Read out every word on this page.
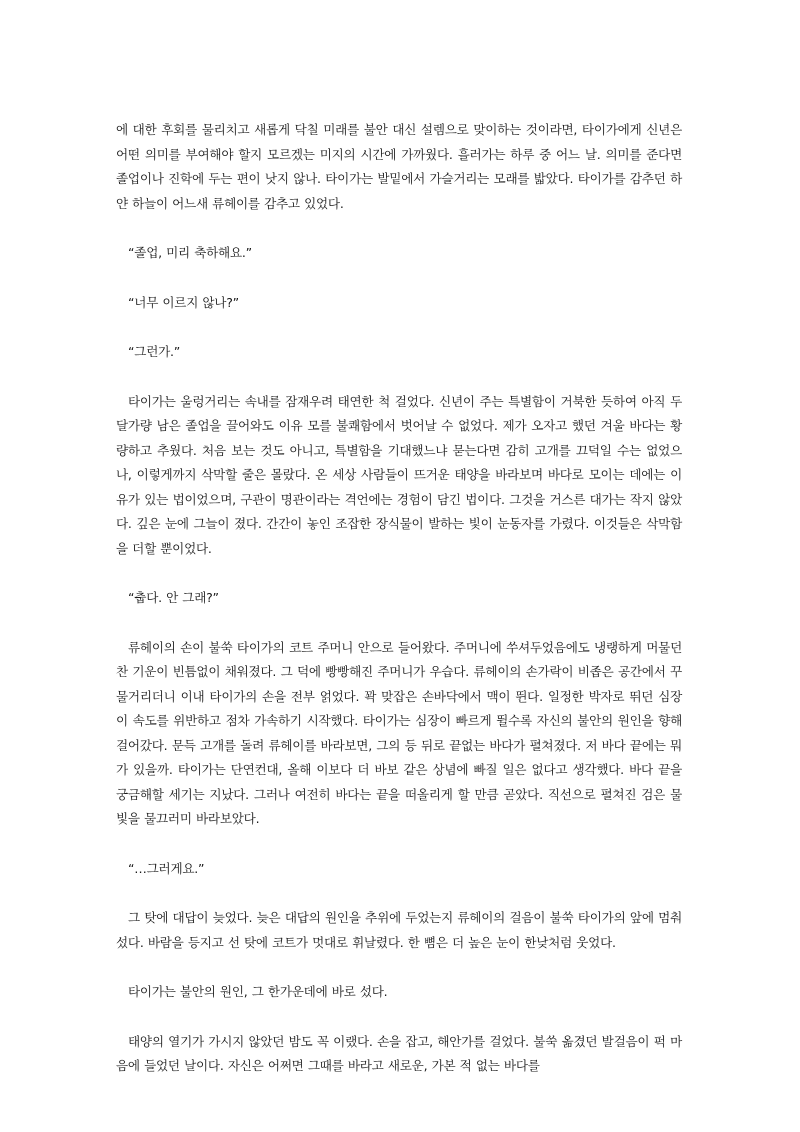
에 대한 후회를 물리치고 새롭게 닥칠 미래를 불안 대신 설렘으로 맞이하는 것이라면, 타이가에게 신년은 어떤 의미를 부여해야 할지 모르겠는 미지의 시간에 가까웠다. 흘러가는 하루 중 어느 날. 의미를 준다면 졸업이나 진학에 두는 편이 낫지 않나. 타이가는 발밑에서 가슬거리는 모래를 밟았다. 타이가를 감추던 하얀 하늘이 어느새 류헤이를 감추고 있었다.

“졸업, 미리 축하해요.”

“너무 이르지 않나?”

“그런가.”

타이가는 울렁거리는 속내를 잠재우려 태연한 척 걸었다. 신년이 주는 특별함이 거북한 듯하여 아직 두 달가량 남은 졸업을 끌어와도 이유 모를 불쾌함에서 벗어날 수 없었다. 제가 오자고 했던 겨울 바다는 황량하고 추웠다. 처음 보는 것도 아니고, 특별함을 기대했느냐 묻는다면 감히 고개를 끄덕일 수는 없었으나, 이렇게까지 삭막할 줄은 몰랐다. 온 세상 사람들이 뜨거운 태양을 바라보며 바다로 모이는 데에는 이유가 있는 법이었으며, 구관이 명관이라는 격언에는 경험이 담긴 법이다. 그것을 거스른 대가는 작지 않았다. 깊은 눈에 그늘이 졌다. 간간이 놓인 조잡한 장식물이 발하는 빛이 눈동자를 가렸다. 이것들은 삭막함을 더할 뿐이었다.

“춥다. 안 그래?”

류헤이의 손이 불쑥 타이가의 코트 주머니 안으로 들어왔다. 주머니에 쑤셔두었음에도 냉랭하게 머물던 찬 기운이 빈틈없이 채워졌다. 그 덕에 빵빵해진 주머니가 우습다. 류헤이의 손가락이 비좁은 공간에서 꾸물거리더니 이내 타이가의 손을 전부 얽었다. 꽉 맞잡은 손바닥에서 맥이 뛴다. 일정한 박자로 뛰던 심장이 속도를 위반하고 점차 가속하기 시작했다. 타이가는 심장이 빠르게 뛸수록 자신의 불안의 원인을 향해 걸어갔다. 문득 고개를 돌려 류헤이를 바라보면, 그의 등 뒤로 끝없는 바다가 펼쳐졌다. 저 바다 끝에는 뭐가 있을까. 타이가는 단연컨대, 올해 이보다 더 바보 같은 상념에 빠질 일은 없다고 생각했다. 바다 끝을 궁금해할 세기는 지났다. 그러나 여전히 바다는 끝을 떠올리게 할 만큼 곧았다. 직선으로 펼쳐진 검은 물빛을 물끄러미 바라보았다.

“…그러게요.”

그 탓에 대답이 늦었다. 늦은 대답의 원인을 추위에 두었는지 류헤이의 걸음이 불쑥 타이가의 앞에 멈춰 섰다. 바람을 등지고 선 탓에 코트가 멋대로 휘날렸다. 한 뼘은 더 높은 눈이 한낮처럼 웃었다.

타이가는 불안의 원인, 그 한가운데에 바로 섰다.

태양의 열기가 가시지 않았던 밤도 꼭 이랬다. 손을 잡고, 해안가를 걸었다. 불쑥 옮겼던 발걸음이 퍽 마음에 들었던 날이다. 자신은 어쩌면 그때를 바라고 새로운, 가본 적 없는 바다를
